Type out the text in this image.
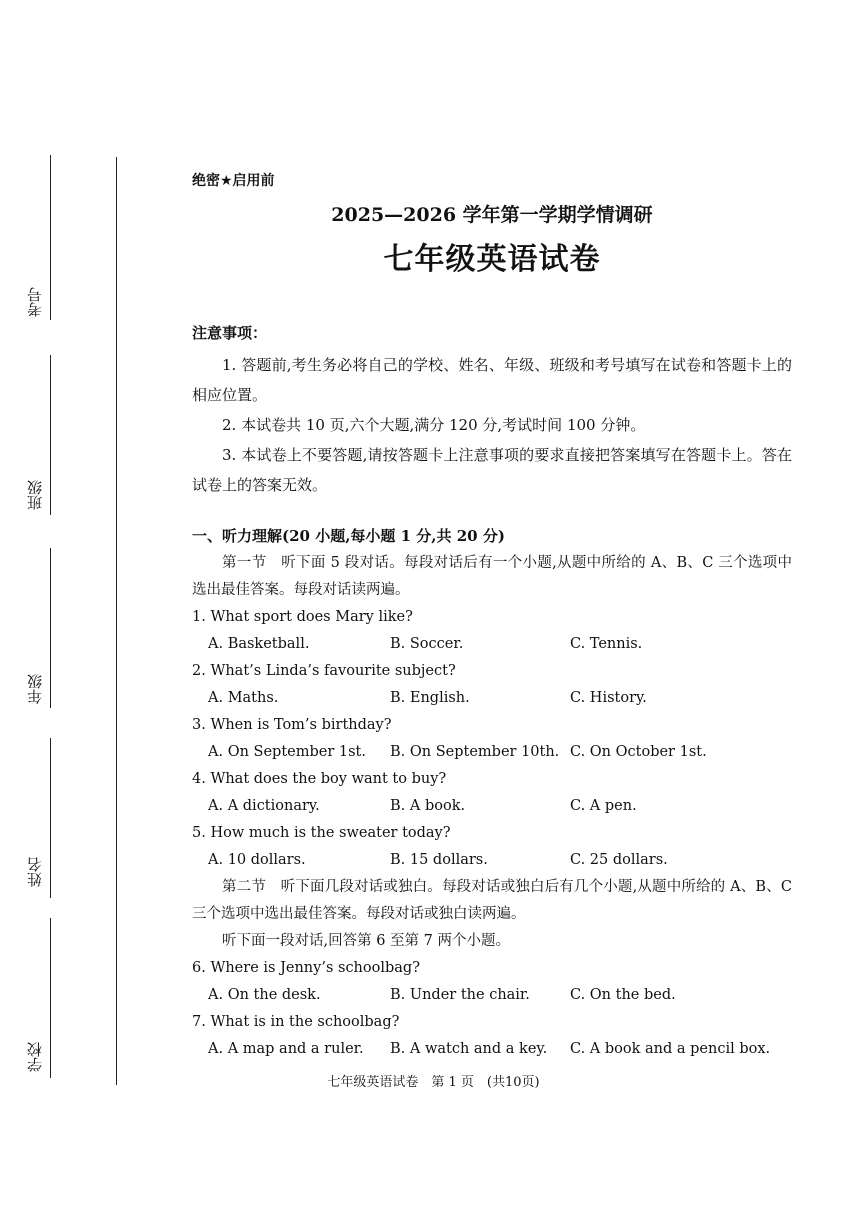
考号
班级
年级
姓名
学校

绝密★启用前

2025—2026 学年第一学期学情调研

七年级英语试卷

注意事项：

1. 答题前,考生务必将自己的学校、姓名、年级、班级和考号填写在试卷和答题卡上的相应位置。

2. 本试卷共 10 页,六个大题,满分 120 分,考试时间 100 分钟。

3. 本试卷上不要答题,请按答题卡上注意事项的要求直接把答案填写在答题卡上。答在试卷上的答案无效。

一、听力理解(20 小题,每小题 1 分,共 20 分)

第一节　听下面 5 段对话。每段对话后有一个小题,从题中所给的 A、B、C 三个选项中选出最佳答案。每段对话读两遍。

1. What sport does Mary like?

A. Basketball.	B. Soccer.	C. Tennis.

2. What’s Linda’s favourite subject?

A. Maths.	B. English.	C. History.

3. When is Tom’s birthday?

A. On September 1st.	B. On September 10th. C. On October 1st.

4. What does the boy want to buy?

A. A dictionary.	B. A book.	C. A pen.

5. How much is the sweater today?

A. 10 dollars.	B. 15 dollars.	C. 25 dollars.

第二节　听下面几段对话或独白。每段对话或独白后有几个小题,从题中所给的 A、B、C 三个选项中选出最佳答案。每段对话或独白读两遍。

听下面一段对话,回答第 6 至第 7 两个小题。

6. Where is Jenny’s schoolbag?

A. On the desk.	B. Under the chair.	C. On the bed.

7. What is in the schoolbag?

A. A map and a ruler.	B. A watch and a key.	C. A book and a pencil box.
七年级英语试卷　第 1 页　(共10页)
